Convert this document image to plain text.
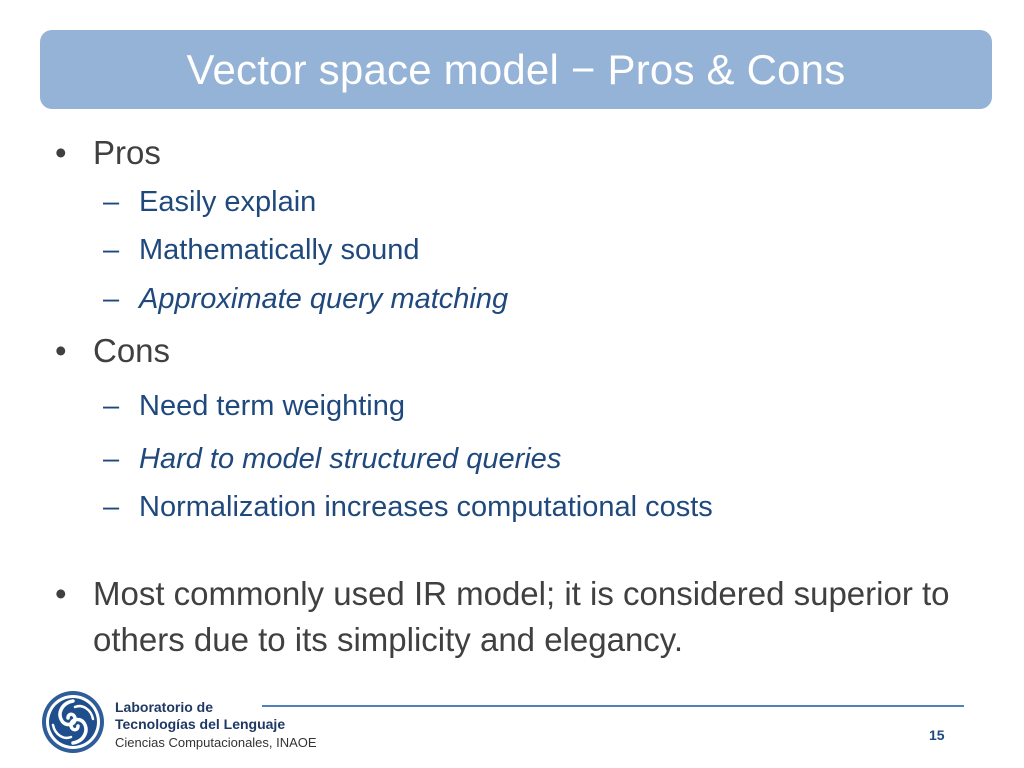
Vector space model − Pros & Cons
• Pros
– Easily explain
– Mathematically sound
– Approximate query matching
• Cons
– Need term weighting
– Hard to model structured queries
– Normalization increases computational costs
• Most commonly used IR model; it is considered superior to others due to its simplicity and elegancy.
Laboratorio de
Tecnologías del Lenguaje
Ciencias Computacionales, INAOE	15
